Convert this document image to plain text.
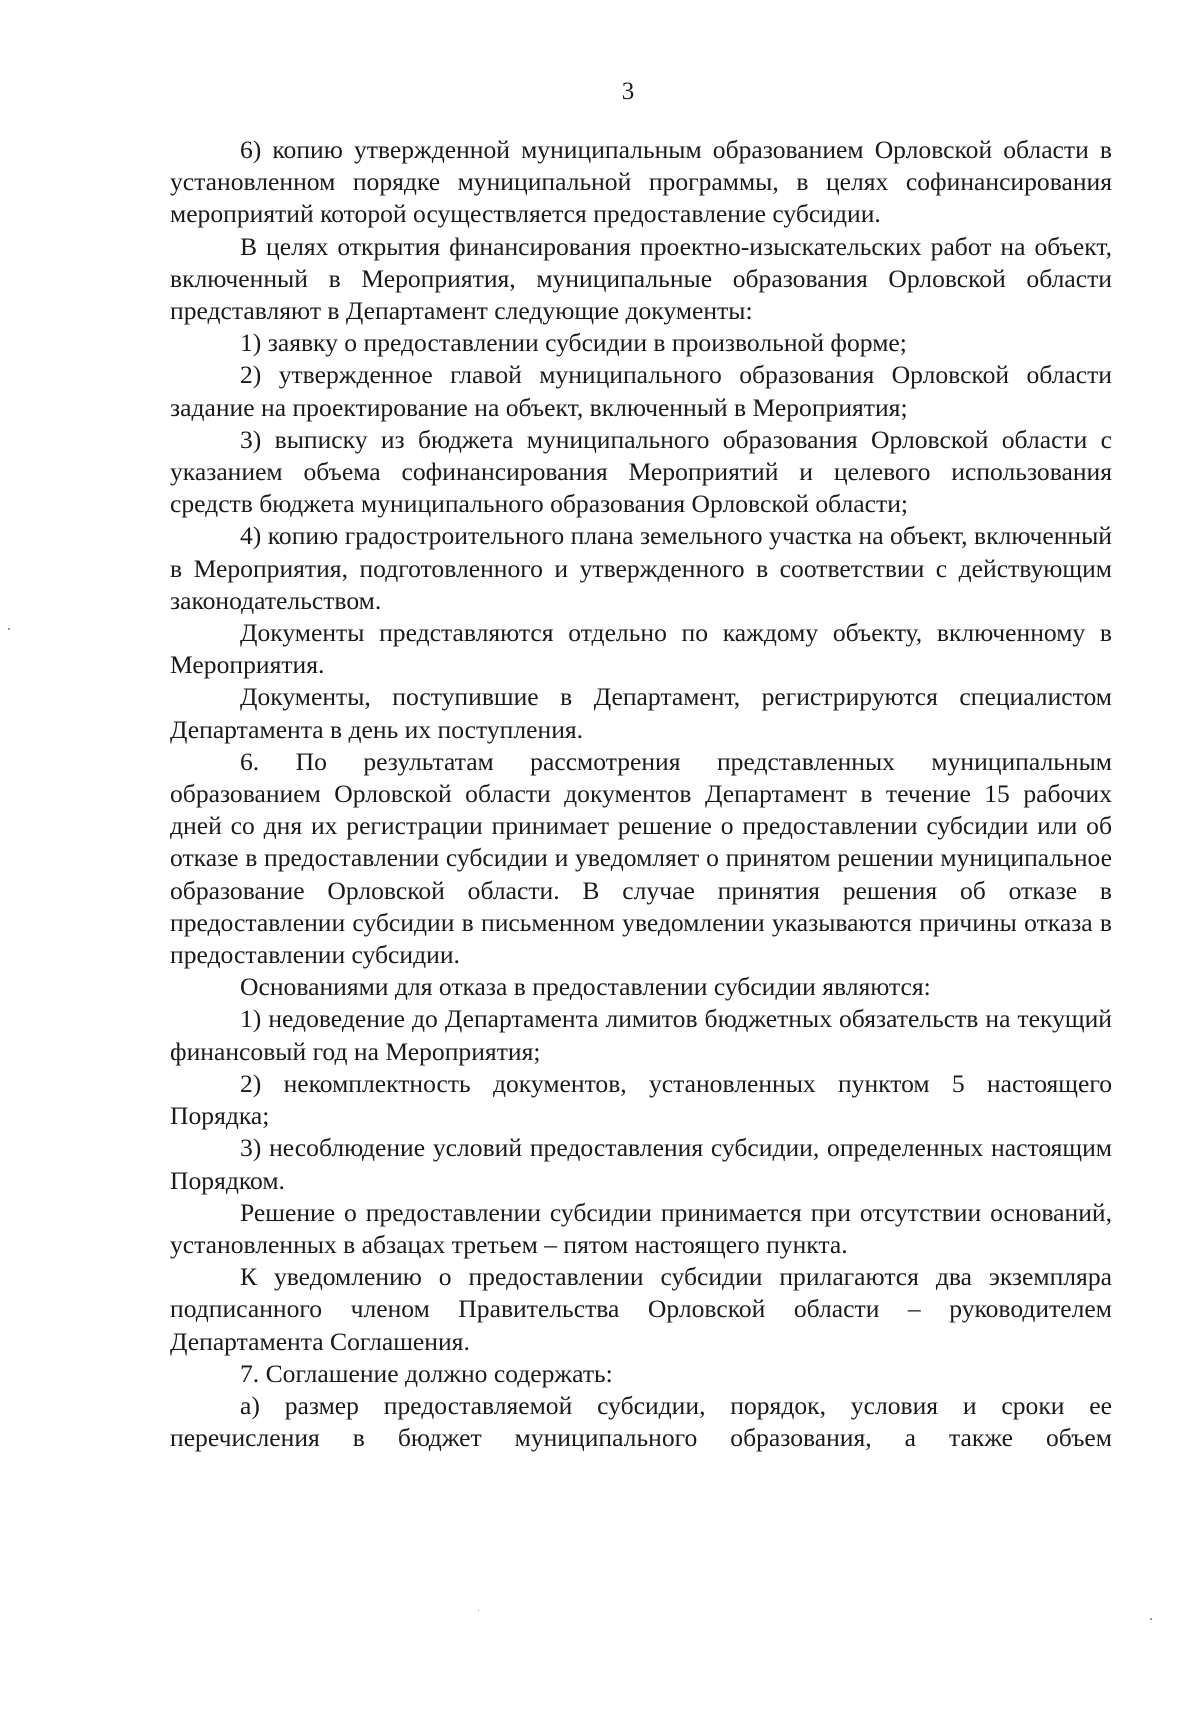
3

6) копию утвержденной муниципальным образованием Орловской области в установленном порядке муниципальной программы, в целях софинансирования мероприятий которой осуществляется предоставление субсидии.

В целях открытия финансирования проектно-изыскательских работ на объект, включенный в Мероприятия, муниципальные образования Орловской области представляют в Департамент следующие документы:

1) заявку о предоставлении субсидии в произвольной форме;

2) утвержденное главой муниципального образования Орловской области задание на проектирование на объект, включенный в Мероприятия;

3) выписку из бюджета муниципального образования Орловской области с указанием объема софинансирования Мероприятий и целевого использования средств бюджета муниципального образования Орловской области;

4) копию градостроительного плана земельного участка на объект, включенный в Мероприятия, подготовленного и утвержденного в соответствии с действующим законодательством.

Документы представляются отдельно по каждому объекту, включенному в Мероприятия.

Документы, поступившие в Департамент, регистрируются специалистом Департамента в день их поступления.

6. По результатам рассмотрения представленных муниципальным образованием Орловской области документов Департамент в течение 15 рабочих дней со дня их регистрации принимает решение о предоставлении субсидии или об отказе в предоставлении субсидии и уведомляет о принятом решении муниципальное образование Орловской области. В случае принятия решения об отказе в предоставлении субсидии в письменном уведомлении указываются причины отказа в предоставлении субсидии.

Основаниями для отказа в предоставлении субсидии являются:

1) недоведение до Департамента лимитов бюджетных обязательств на текущий финансовый год на Мероприятия;

2) некомплектность документов, установленных пунктом 5 настоящего Порядка;

3) несоблюдение условий предоставления субсидии, определенных настоящим Порядком.

Решение о предоставлении субсидии принимается при отсутствии оснований, установленных в абзацах третьем – пятом настоящего пункта.

К уведомлению о предоставлении субсидии прилагаются два экземпляра подписанного членом Правительства Орловской области – руководителем Департамента Соглашения.

7. Соглашение должно содержать:

а) размер предоставляемой субсидии, порядок, условия и сроки ее перечисления в бюджет муниципального образования, а также объем
